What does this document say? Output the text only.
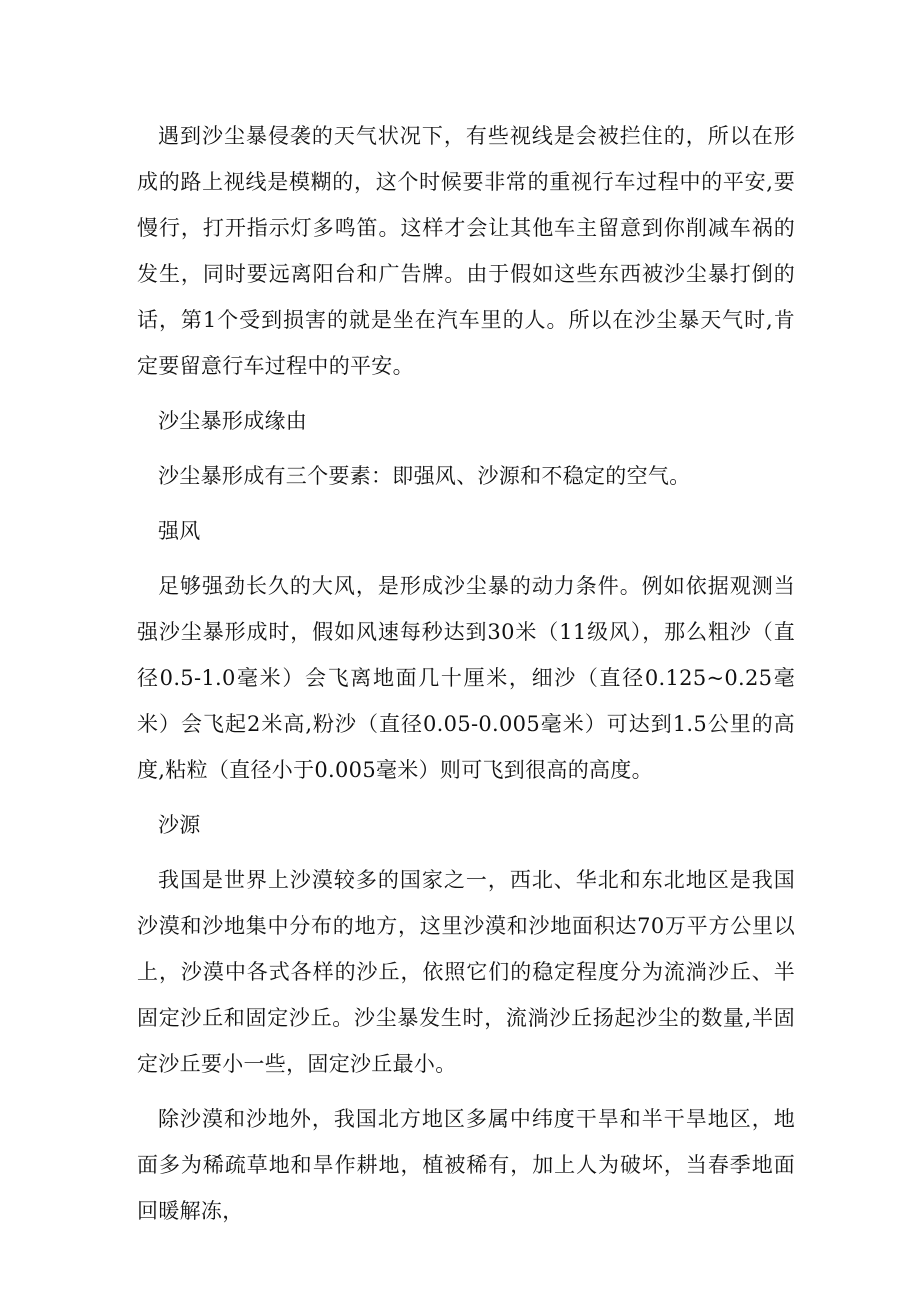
遇到沙尘暴侵袭的天气状况下，有些视线是会被拦住的，所以在形成的路上视线是模糊的，这个时候要非常的重视行车过程中的平安,要慢行，打开指示灯多鸣笛。这样才会让其他车主留意到你削减车祸的发生，同时要远离阳台和广告牌。由于假如这些东西被沙尘暴打倒的话，第1个受到损害的就是坐在汽车里的人。所以在沙尘暴天气时,肯定要留意行车过程中的平安。

沙尘暴形成缘由

沙尘暴形成有三个要素：即强风、沙源和不稳定的空气。

强风

足够强劲长久的大风，是形成沙尘暴的动力条件。例如依据观测当强沙尘暴形成时，假如风速每秒达到30米（11级风），那么粗沙（直径0.5-1.0毫米）会飞离地面几十厘米，细沙（直径0.125~0.25毫米）会飞起2米高,粉沙（直径0.05-0.005毫米）可达到1.5公里的高度,粘粒（直径小于0.005毫米）则可飞到很高的高度。

沙源

我国是世界上沙漠较多的国家之一，西北、华北和东北地区是我国沙漠和沙地集中分布的地方，这里沙漠和沙地面积达70万平方公里以上，沙漠中各式各样的沙丘，依照它们的稳定程度分为流淌沙丘、半固定沙丘和固定沙丘。沙尘暴发生时，流淌沙丘扬起沙尘的数量,半固定沙丘要小一些，固定沙丘最小。

除沙漠和沙地外，我国北方地区多属中纬度干旱和半干旱地区，地面多为稀疏草地和旱作耕地，植被稀有，加上人为破坏，当春季地面回暖解冻，
